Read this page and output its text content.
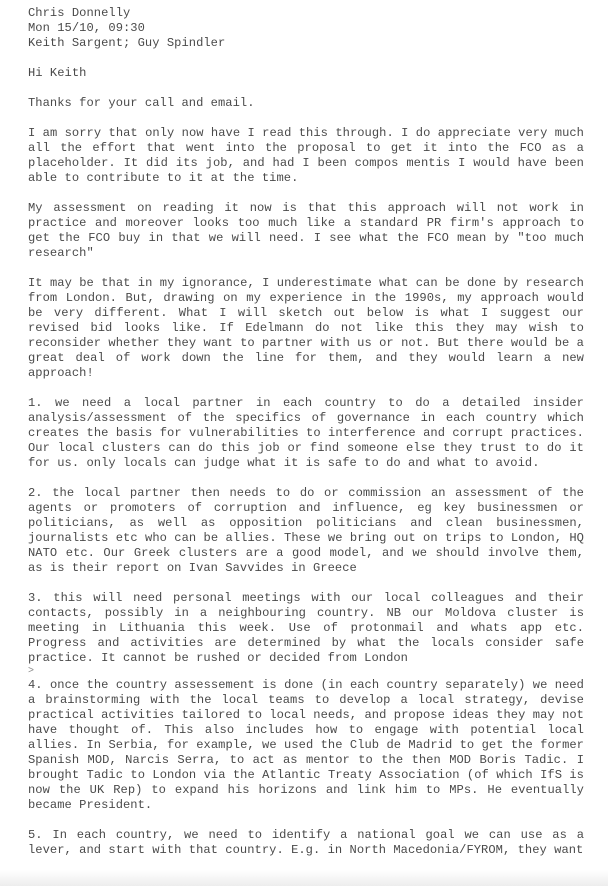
Chris Donnelly
Mon 15/10, 09:30
Keith Sargent; Guy Spindler
Hi Keith

Thanks for your call and email.

I am sorry that only now have I read this through. I do appreciate very much all the effort that went into the proposal to get it into the FCO as a placeholder. It did its job, and had I been compos mentis I would have been able to contribute to it at the time.

My assessment on reading it now is that this approach will not work in practice and moreover looks too much like a standard PR firm's approach to get the FCO buy in that we will need. I see what the FCO mean by "too much research"

It may be that in my ignorance, I underestimate what can be done by research from London. But, drawing on my experience in the 1990s, my approach would be very different. What I will sketch out below is what I suggest our revised bid looks like. If Edelmann do not like this they may wish to reconsider whether they want to partner with us or not. But there would be a great deal of work down the line for them, and they would learn a new approach!

1. we need a local partner in each country to do a detailed insider analysis/assessment of the specifics of governance in each country which creates the basis for vulnerabilities to interference and corrupt practices. Our local clusters can do this job or find someone else they trust to do it for us. only locals can judge what it is safe to do and what to avoid.

2. the local partner then needs to do or commission an assessment of the agents or promoters of corruption and influence, eg key businessmen or politicians, as well as opposition politicians and clean businessmen, journalists etc who can be allies. These we bring out on trips to London, HQ NATO etc. Our Greek clusters are a good model, and we should involve them, as is their report on Ivan Savvides in Greece

3. this will need personal meetings with our local colleagues and their contacts, possibly in a neighbouring country. NB our Moldova cluster is meeting in Lithuania this week. Use of protonmail and whats app etc. Progress and activities are determined by what the locals consider safe practice. It cannot be rushed or decided from London

>

4. once the country assessement is done (in each country separately) we need a brainstorming with the local teams to develop a local strategy, devise practical activities tailored to local needs, and propose ideas they may not have thought of. This also includes how to engage with potential local allies. In Serbia, for example, we used the Club de Madrid to get the former Spanish MOD, Narcis Serra, to act as mentor to the then MOD Boris Tadic. I brought Tadic to London via the Atlantic Treaty Association (of which IfS is now the UK Rep) to expand his horizons and link him to MPs. He eventually became President.

5. In each country, we need to identify a national goal we can use as a lever, and start with that country. E.g. in North Macedonia/FYROM, they want
